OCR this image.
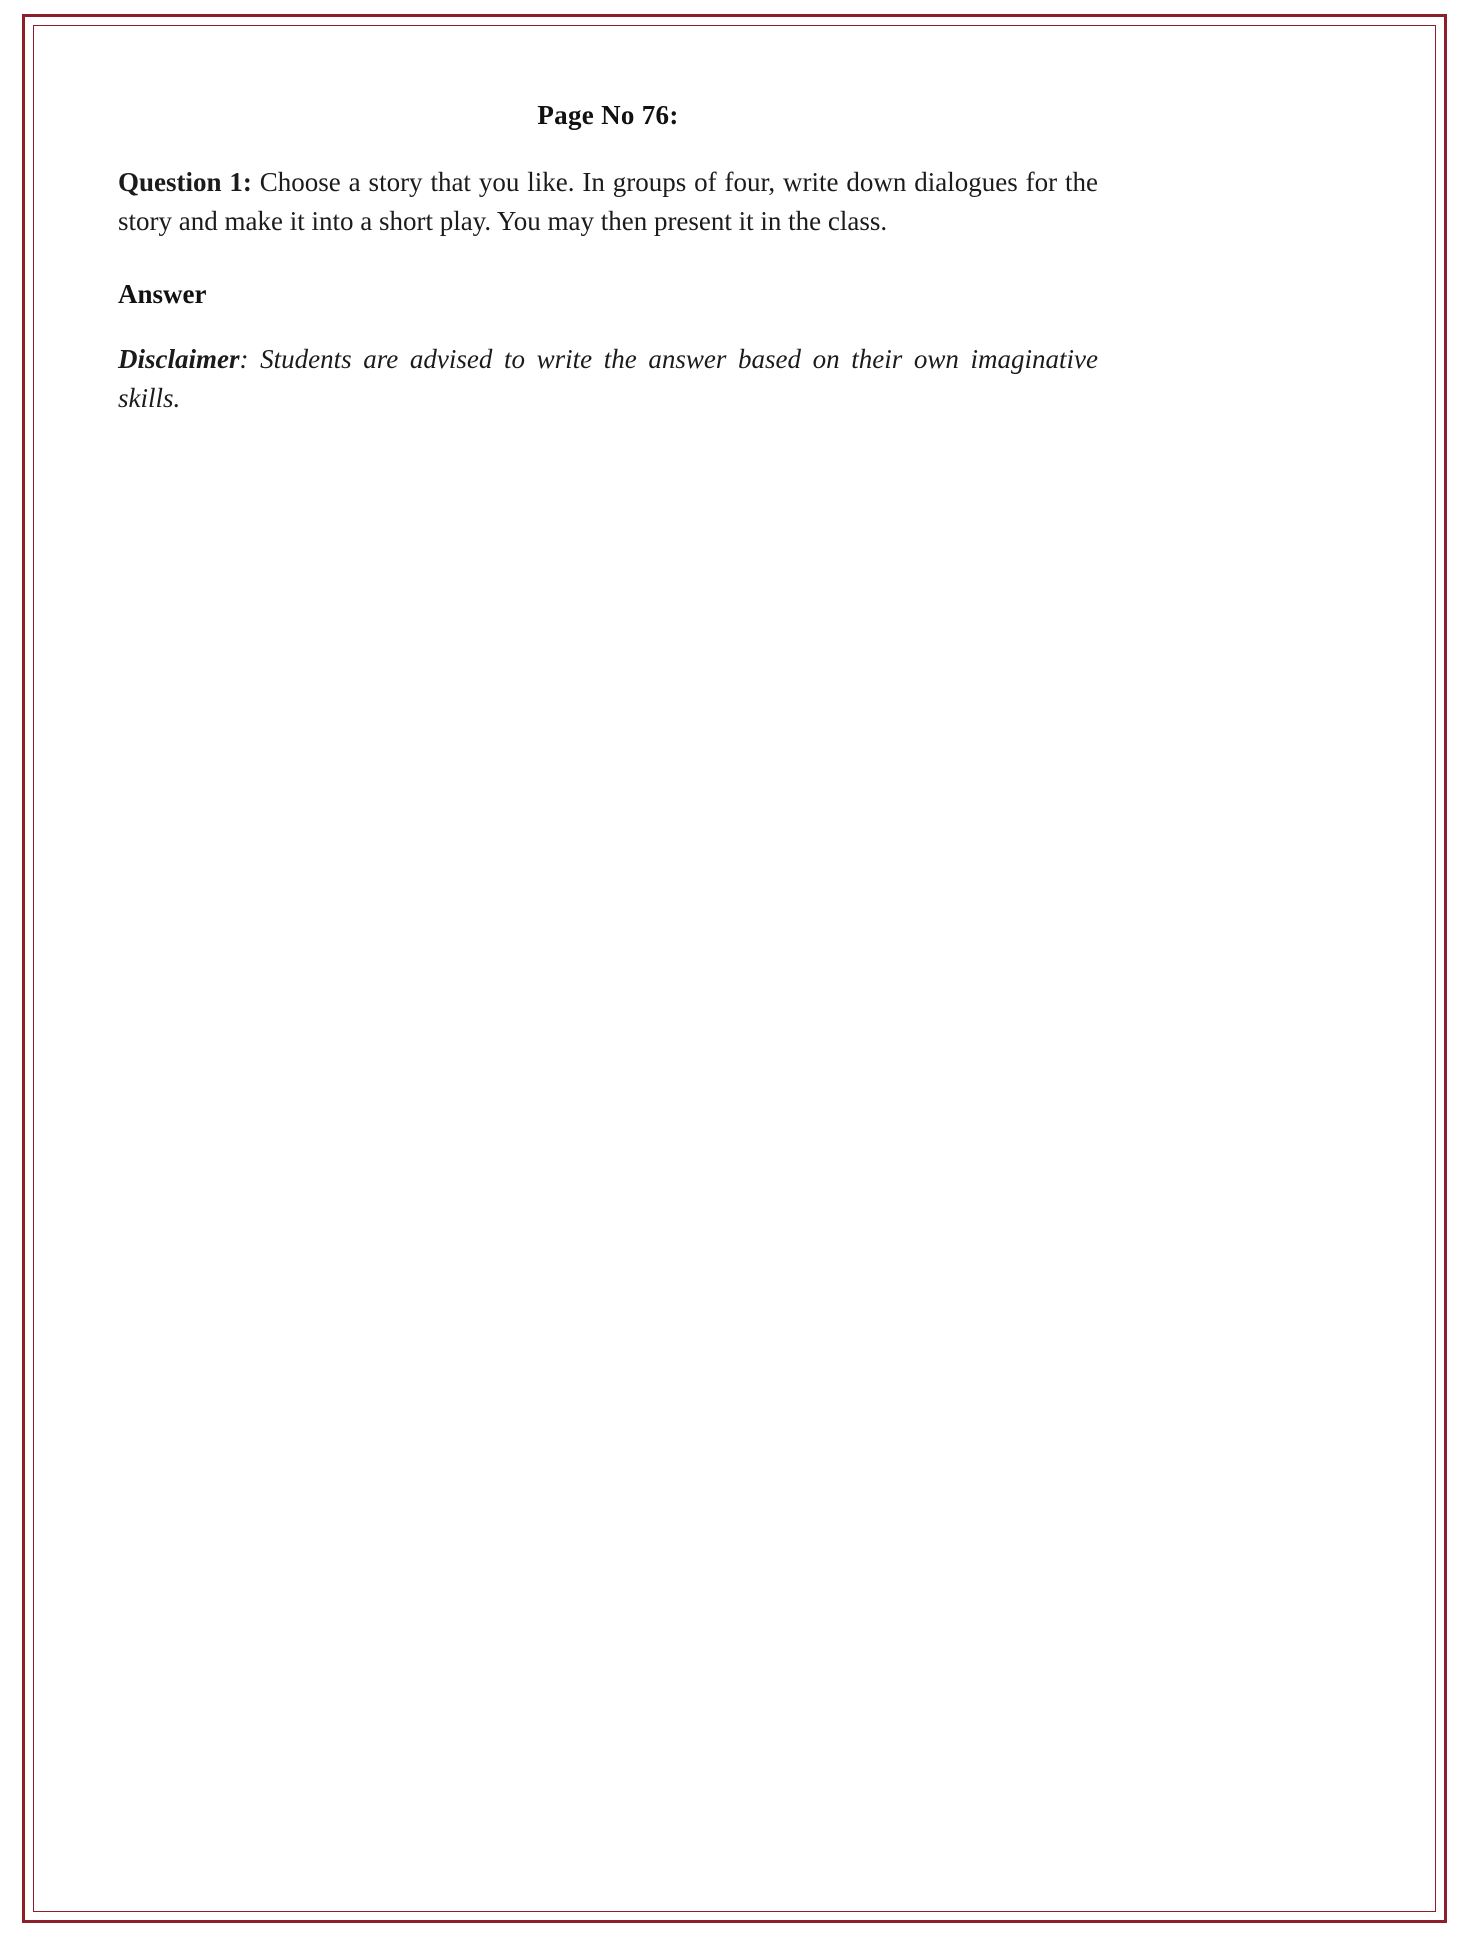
Page No 76:

Question 1: Choose a story that you like. In groups of four, write down dialogues for the story and make it into a short play. You may then present it in the class.

Answer

Disclaimer: Students are advised to write the answer based on their own imaginative skills.
